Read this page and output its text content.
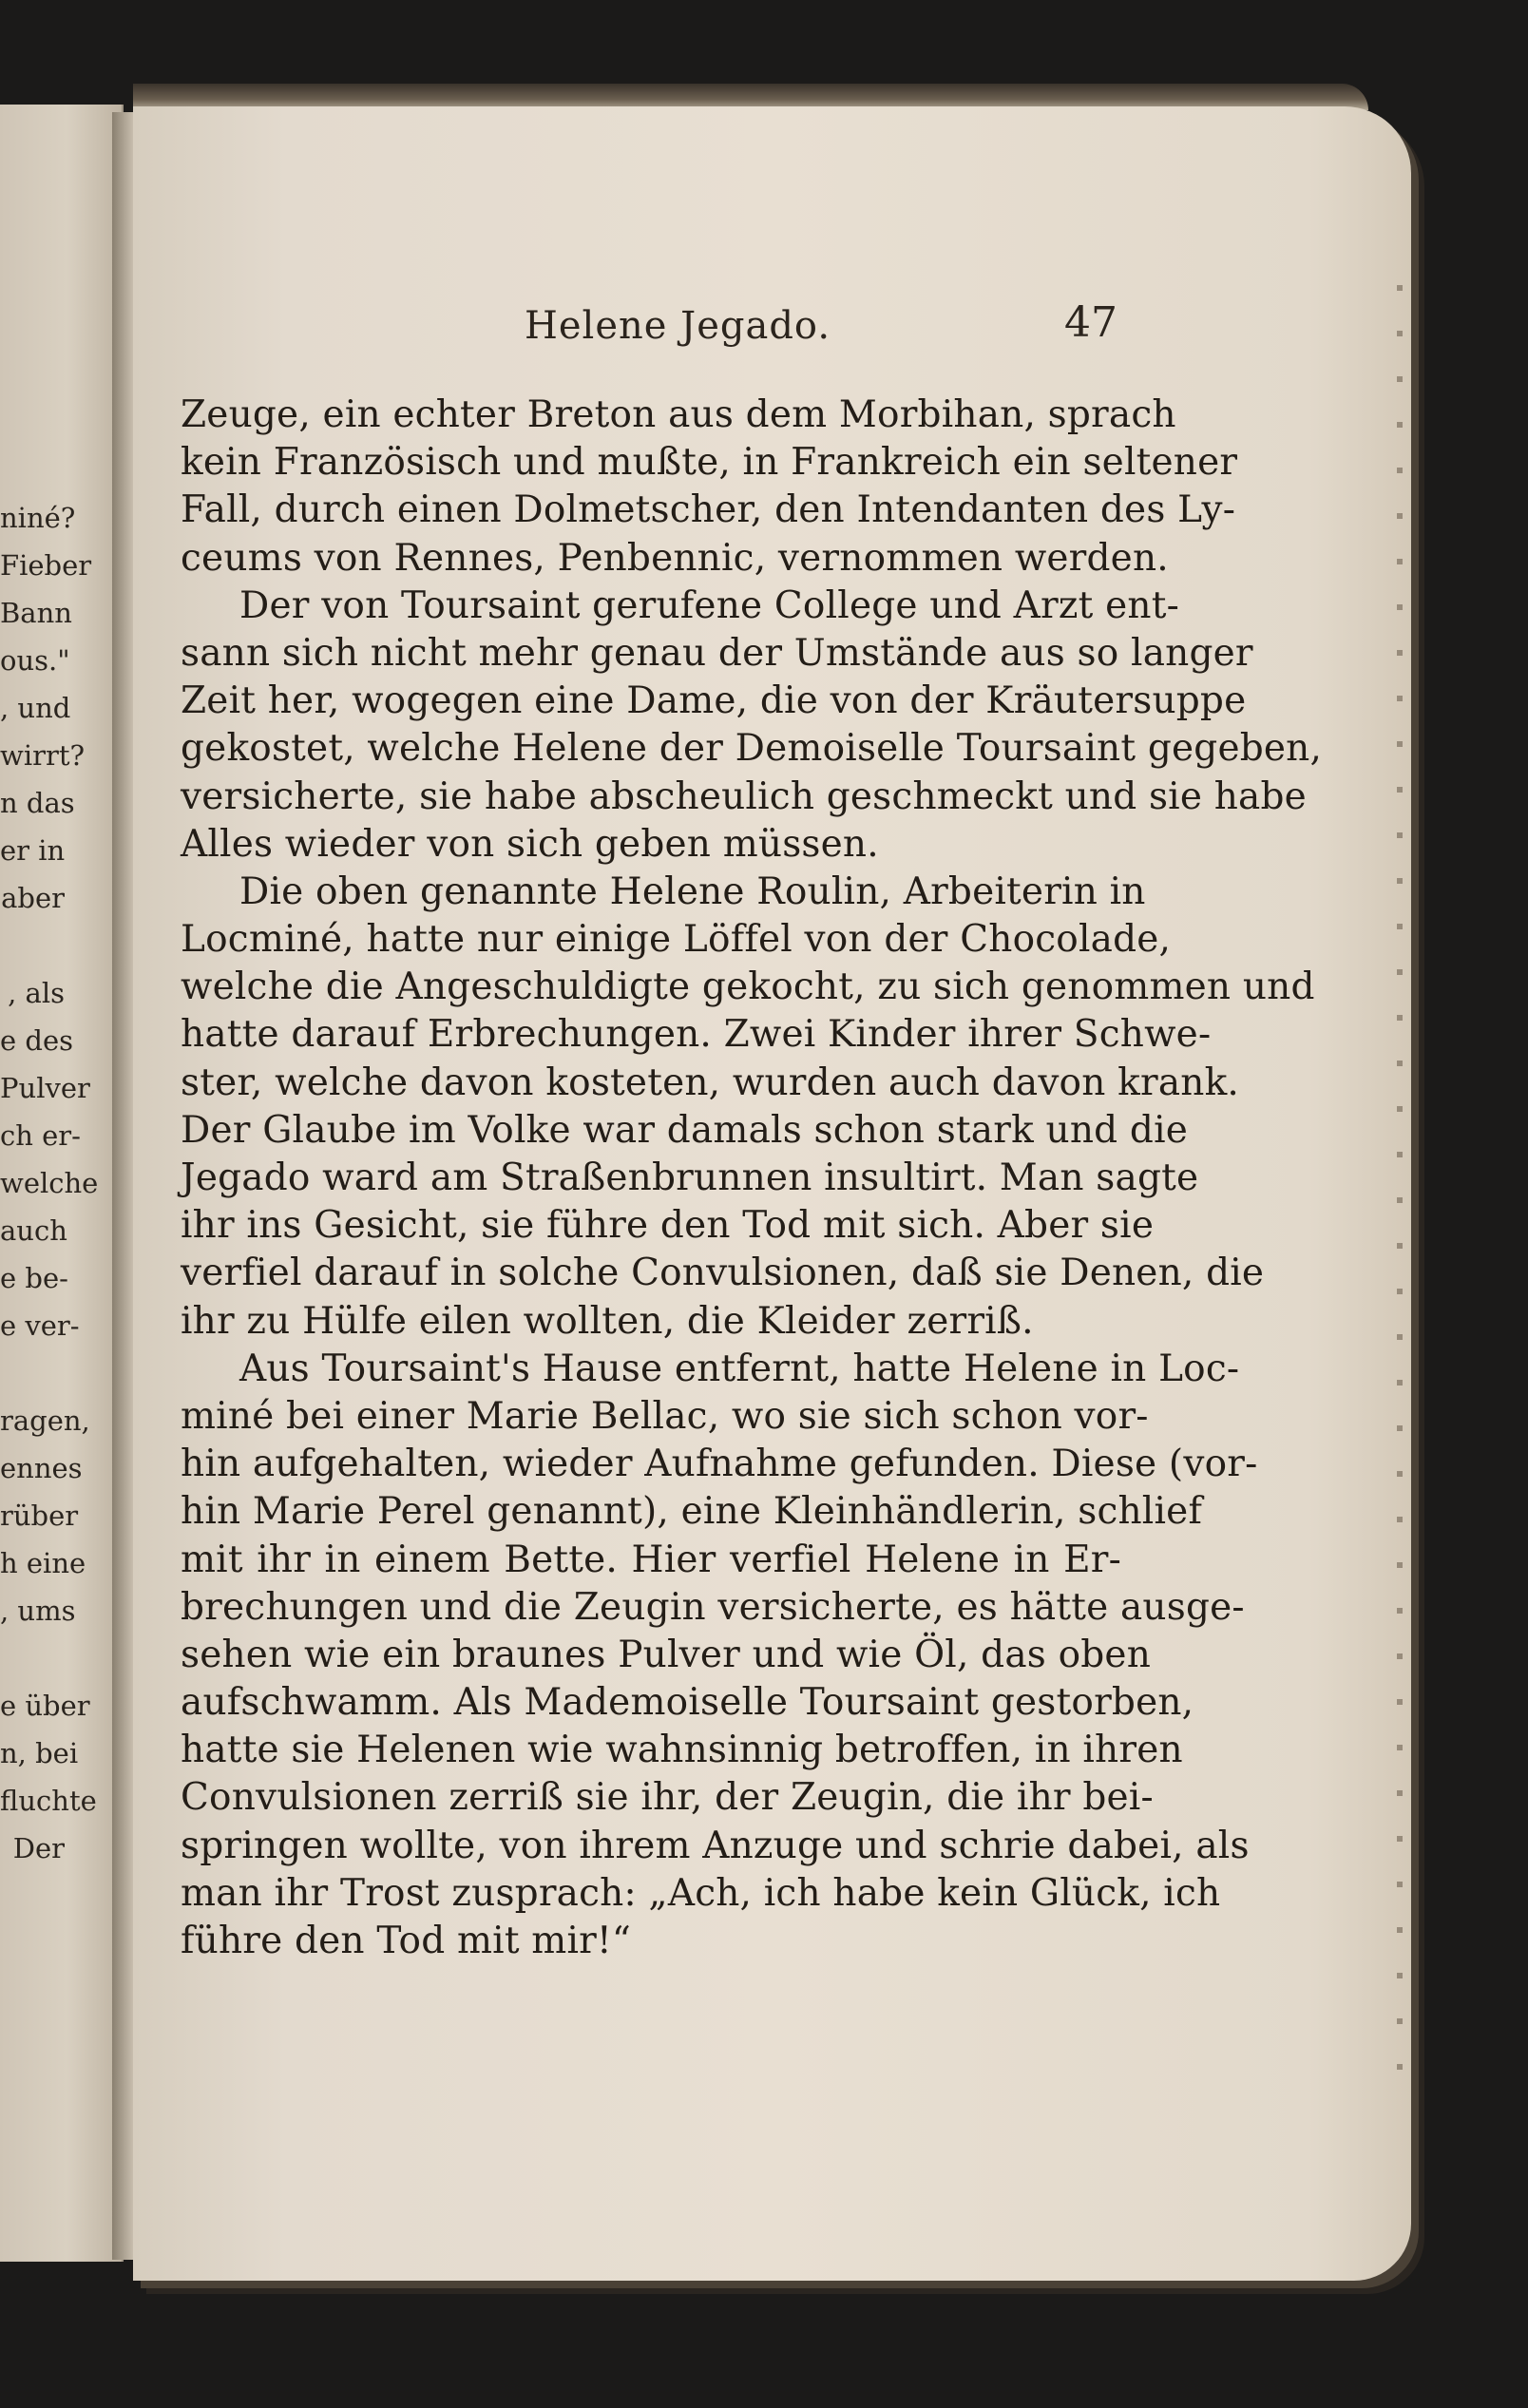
niné?
Fieber
Bann
ous."
, und
wirrt?
n das
er in
aber
, als
e des
Pulver
ch er-
welche
auch
e be-
e ver-
ragen,
ennes
rüber
h eine
, ums
e über
n, bei
fluchte
Der
Helene Jegado.	47
Zeuge, ein echter Breton aus dem Morbihan, sprach
kein Französisch und mußte, in Frankreich ein seltener
Fall, durch einen Dolmetscher, den Intendanten des Ly-
ceums von Rennes, Penbennic, vernommen werden.
Der von Toursaint gerufene College und Arzt ent-
sann sich nicht mehr genau der Umstände aus so langer
Zeit her, wogegen eine Dame, die von der Kräutersuppe
gekostet, welche Helene der Demoiselle Toursaint gegeben,
versicherte, sie habe abscheulich geschmeckt und sie habe
Alles wieder von sich geben müssen.
Die oben genannte Helene Roulin, Arbeiterin in
Locminé, hatte nur einige Löffel von der Chocolade,
welche die Angeschuldigte gekocht, zu sich genommen und
hatte darauf Erbrechungen. Zwei Kinder ihrer Schwe-
ster, welche davon kosteten, wurden auch davon krank.
Der Glaube im Volke war damals schon stark und die
Jegado ward am Straßenbrunnen insultirt. Man sagte
ihr ins Gesicht, sie führe den Tod mit sich. Aber sie
verfiel darauf in solche Convulsionen, daß sie Denen, die
ihr zu Hülfe eilen wollten, die Kleider zerriß.
Aus Toursaint's Hause entfernt, hatte Helene in Loc-
miné bei einer Marie Bellac, wo sie sich schon vor-
hin aufgehalten, wieder Aufnahme gefunden. Diese (vor-
hin Marie Perel genannt), eine Kleinhändlerin, schlief
mit ihr in einem Bette. Hier verfiel Helene in Er-
brechungen und die Zeugin versicherte, es hätte ausge-
sehen wie ein braunes Pulver und wie Öl, das oben
aufschwamm. Als Mademoiselle Toursaint gestorben,
hatte sie Helenen wie wahnsinnig betroffen, in ihren
Convulsionen zerriß sie ihr, der Zeugin, die ihr bei-
springen wollte, von ihrem Anzuge und schrie dabei, als
man ihr Trost zusprach: „Ach, ich habe kein Glück, ich
führe den Tod mit mir!“
